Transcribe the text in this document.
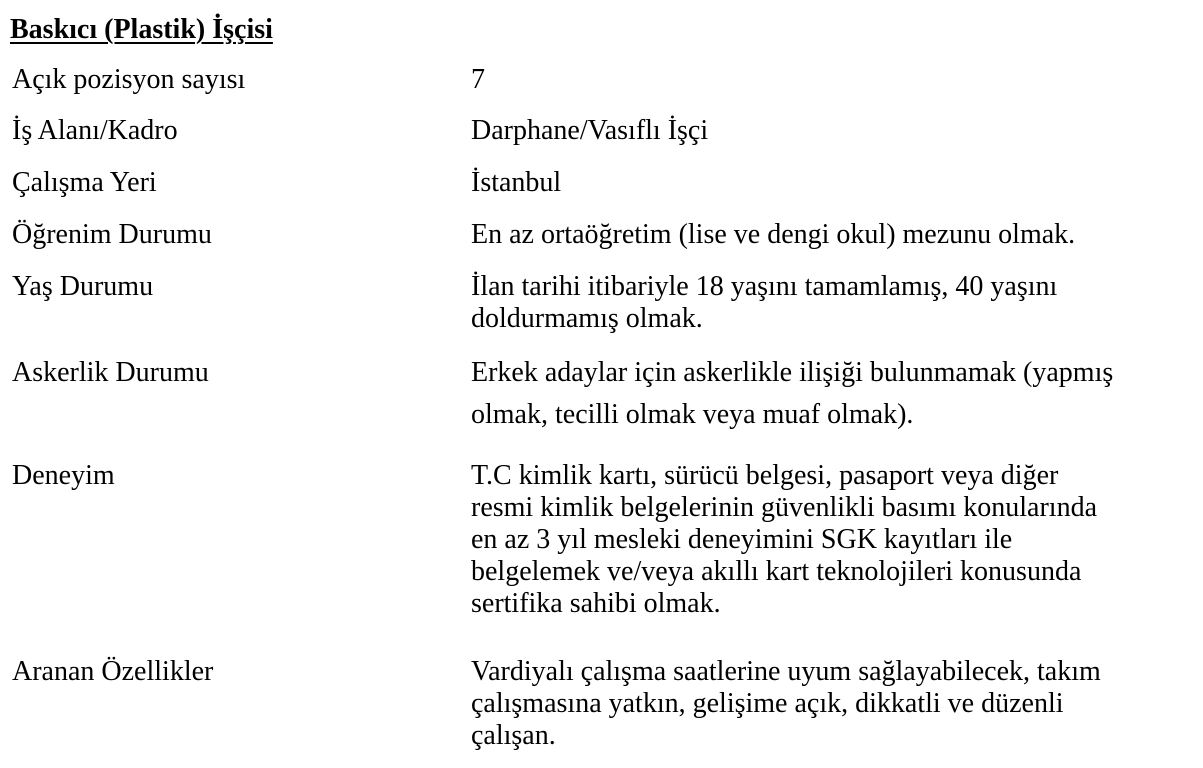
Baskıcı (Plastik) İşçisi
Açık pozisyon sayısı	7
İş Alanı/Kadro	Darphane/Vasıflı İşçi
Çalışma Yeri	İstanbul
Öğrenim Durumu	En az ortaöğretim (lise ve dengi okul) mezunu olmak.
Yaş Durumu	İlan tarihi itibariyle 18 yaşını tamamlamış, 40 yaşını
doldurmamış olmak.
Askerlik Durumu	Erkek adaylar için askerlikle ilişiği bulunmamak (yapmış
olmak, tecilli olmak veya muaf olmak).
Deneyim	T.C kimlik kartı, sürücü belgesi, pasaport veya diğer
resmi kimlik belgelerinin güvenlikli basımı konularında
en az 3 yıl mesleki deneyimini SGK kayıtları ile
belgelemek ve/veya akıllı kart teknolojileri konusunda
sertifika sahibi olmak.
Aranan Özellikler	Vardiyalı çalışma saatlerine uyum sağlayabilecek, takım
çalışmasına yatkın, gelişime açık, dikkatli ve düzenli
çalışan.
